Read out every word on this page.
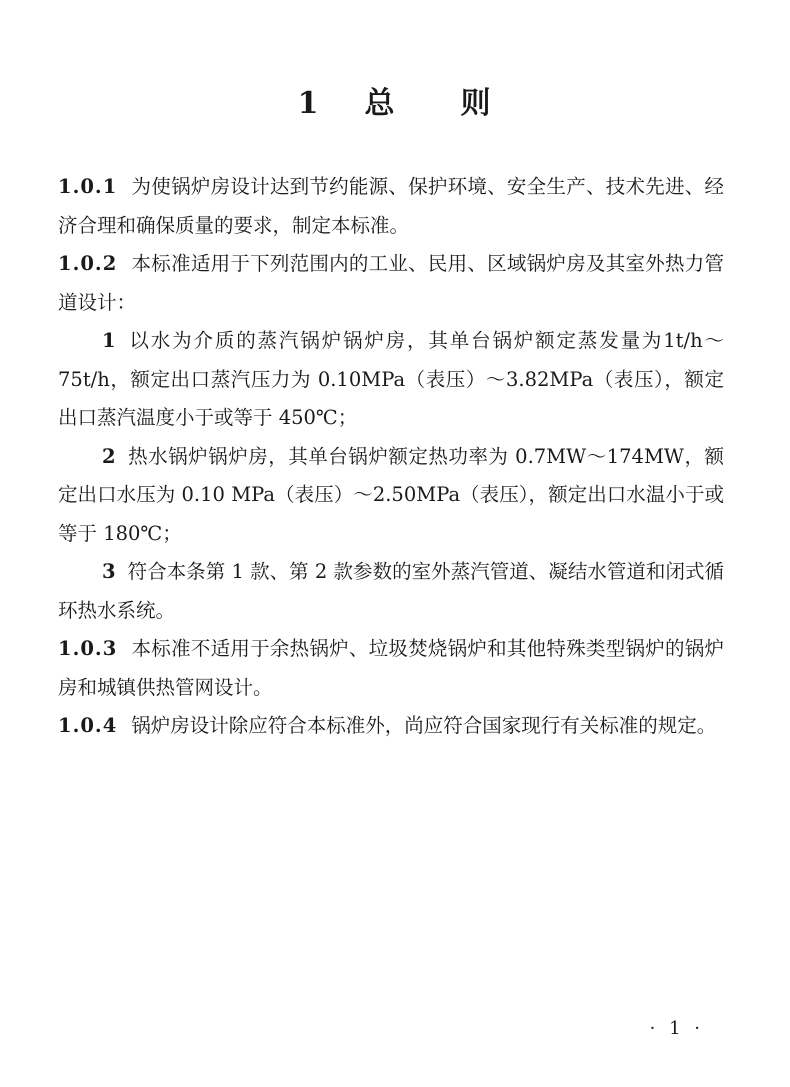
1 总 则

1.0.1 为使锅炉房设计达到节约能源、保护环境、安全生产、技术先进、经济合理和确保质量的要求，制定本标准。

1.0.2 本标准适用于下列范围内的工业、民用、区域锅炉房及其室外热力管道设计：

1 以水为介质的蒸汽锅炉锅炉房，其单台锅炉额定蒸发量为1t/h～75t/h，额定出口蒸汽压力为 0.10MPa（表压）～3.82MPa（表压），额定出口蒸汽温度小于或等于 450℃；

2 热水锅炉锅炉房，其单台锅炉额定热功率为 0.7MW～174MW，额定出口水压为 0.10 MPa（表压）～2.50MPa（表压），额定出口水温小于或等于 180℃；

3 符合本条第 1 款、第 2 款参数的室外蒸汽管道、凝结水管道和闭式循环热水系统。

1.0.3 本标准不适用于余热锅炉、垃圾焚烧锅炉和其他特殊类型锅炉的锅炉房和城镇供热管网设计。

1.0.4 锅炉房设计除应符合本标准外，尚应符合国家现行有关标准的规定。

· 1 ·
